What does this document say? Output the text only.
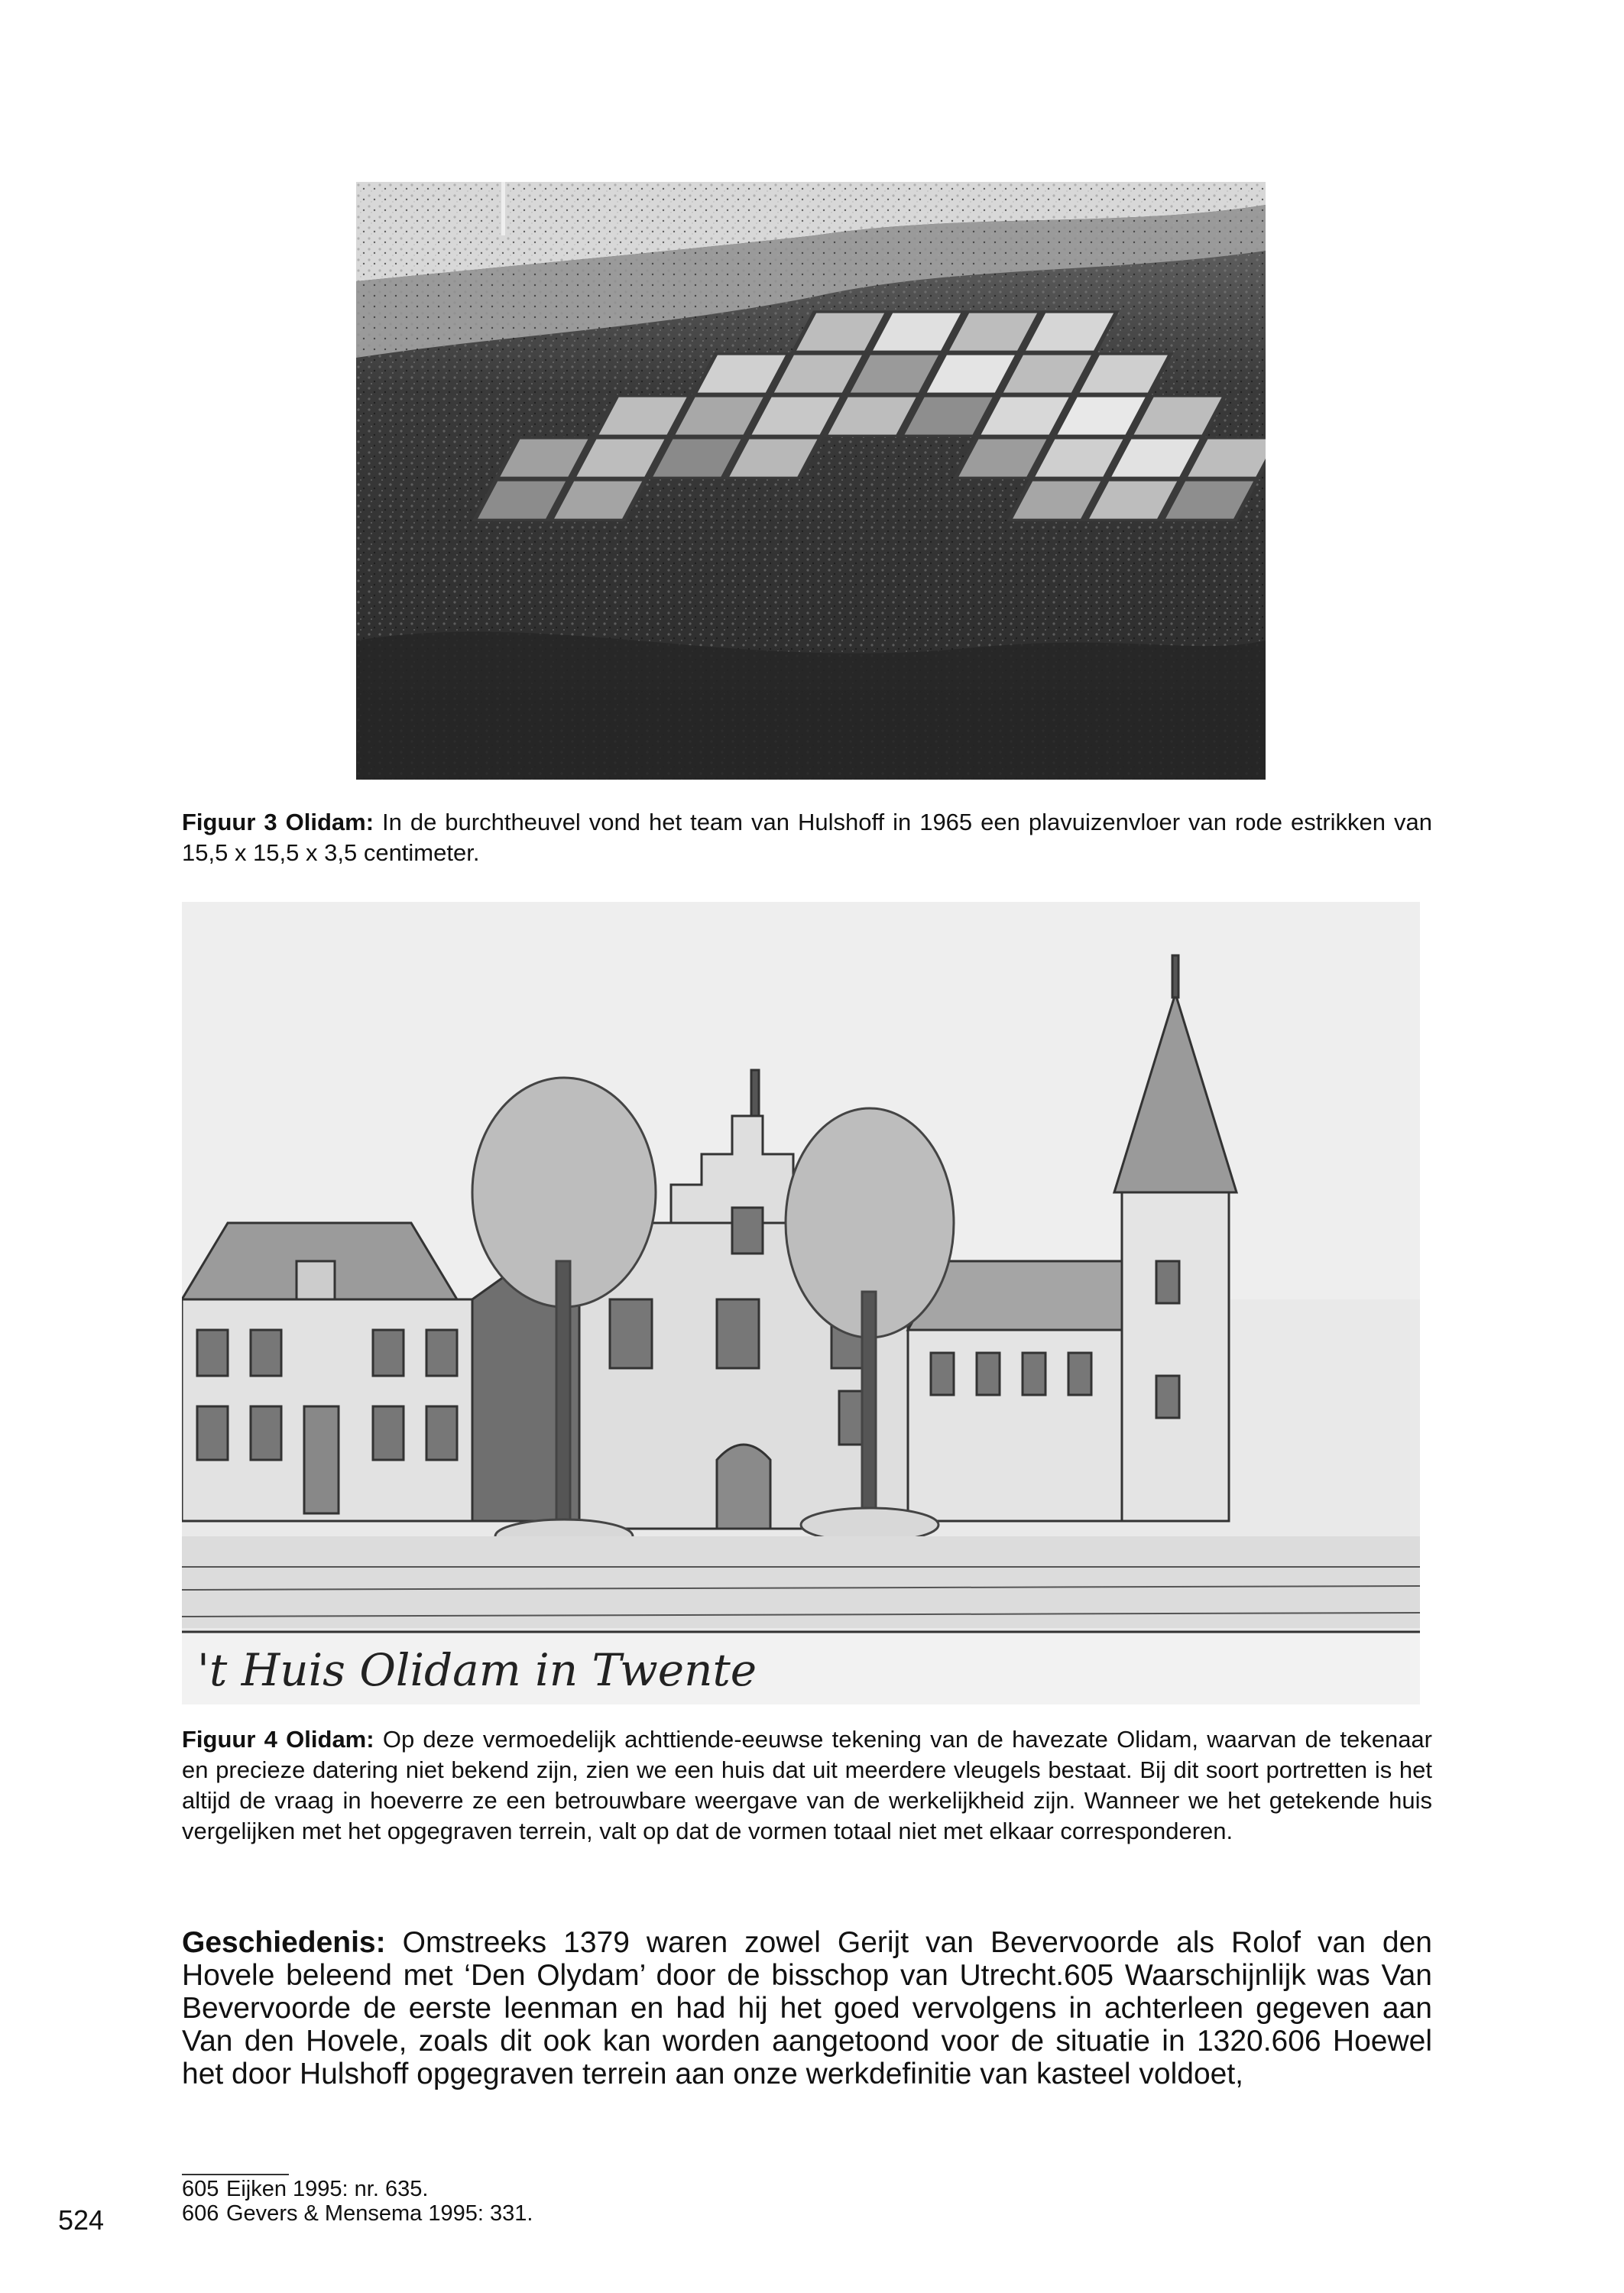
Figuur 3 Olidam: In de burchtheuvel vond het team van Hulshoff in 1965 een plavuizenvloer van rode estrikken van 15,5 x 15,5 x 3,5 centimeter.
't Huis Olidam in Twente
Figuur 4 Olidam: Op deze vermoedelijk achttiende-eeuwse tekening van de havezate Olidam, waarvan de tekenaar en precieze datering niet bekend zijn, zien we een huis dat uit meerdere vleugels bestaat. Bij dit soort portretten is het altijd de vraag in hoeverre ze een betrouwbare weergave van de werkelijkheid zijn. Wanneer we het getekende huis vergelijken met het opgegraven terrein, valt op dat de vormen totaal niet met elkaar corresponderen.
Geschiedenis: Omstreeks 1379 waren zowel Gerijt van Bevervoorde als Rolof van den Hovele beleend met ‘Den Olydam’ door de bisschop van Utrecht.605 Waarschijnlijk was Van Bevervoorde de eerste leenman en had hij het goed vervolgens in achterleen gegeven aan Van den Hovele, zoals dit ook kan worden aangetoond voor de situatie in 1320.606 Hoewel het door Hulshoff opgegraven terrein aan onze werkdefinitie van kasteel voldoet,
605 Eijken 1995: nr. 635.
606 Gevers & Mensema 1995: 331.
524
